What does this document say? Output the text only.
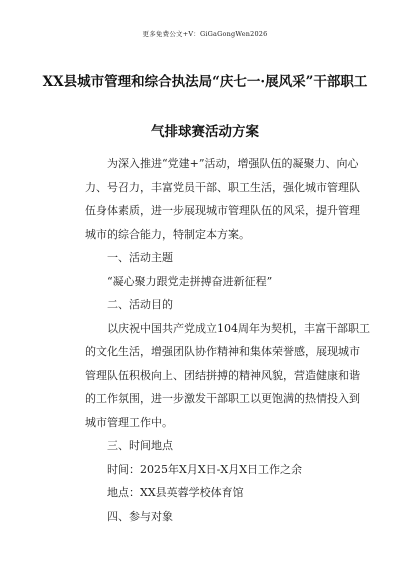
更多免费公文+V：GiGaGongWen2026
XX县城市管理和综合执法局“庆七一·展风采”干部职工
气排球赛活动方案

为深入推进“党建+”活动，增强队伍的凝聚力、向心
力、号召力，丰富党员干部、职工生活，强化城市管理队
伍身体素质，进一步展现城市管理队伍的风采，提升管理
城市的综合能力，特制定本方案。

一、活动主题

“凝心聚力跟党走拼搏奋进新征程”

二、活动目的

以庆祝中国共产党成立104周年为契机，丰富干部职工
的文化生活，增强团队协作精神和集体荣誉感，展现城市
管理队伍积极向上、团结拼搏的精神风貌，营造健康和谐
的工作氛围，进一步激发干部职工以更饱满的热情投入到
城市管理工作中。

三、时间地点

时间：2025年X月X日-X月X日工作之余

地点：XX县英蓉学校体育馆

四、参与对象
